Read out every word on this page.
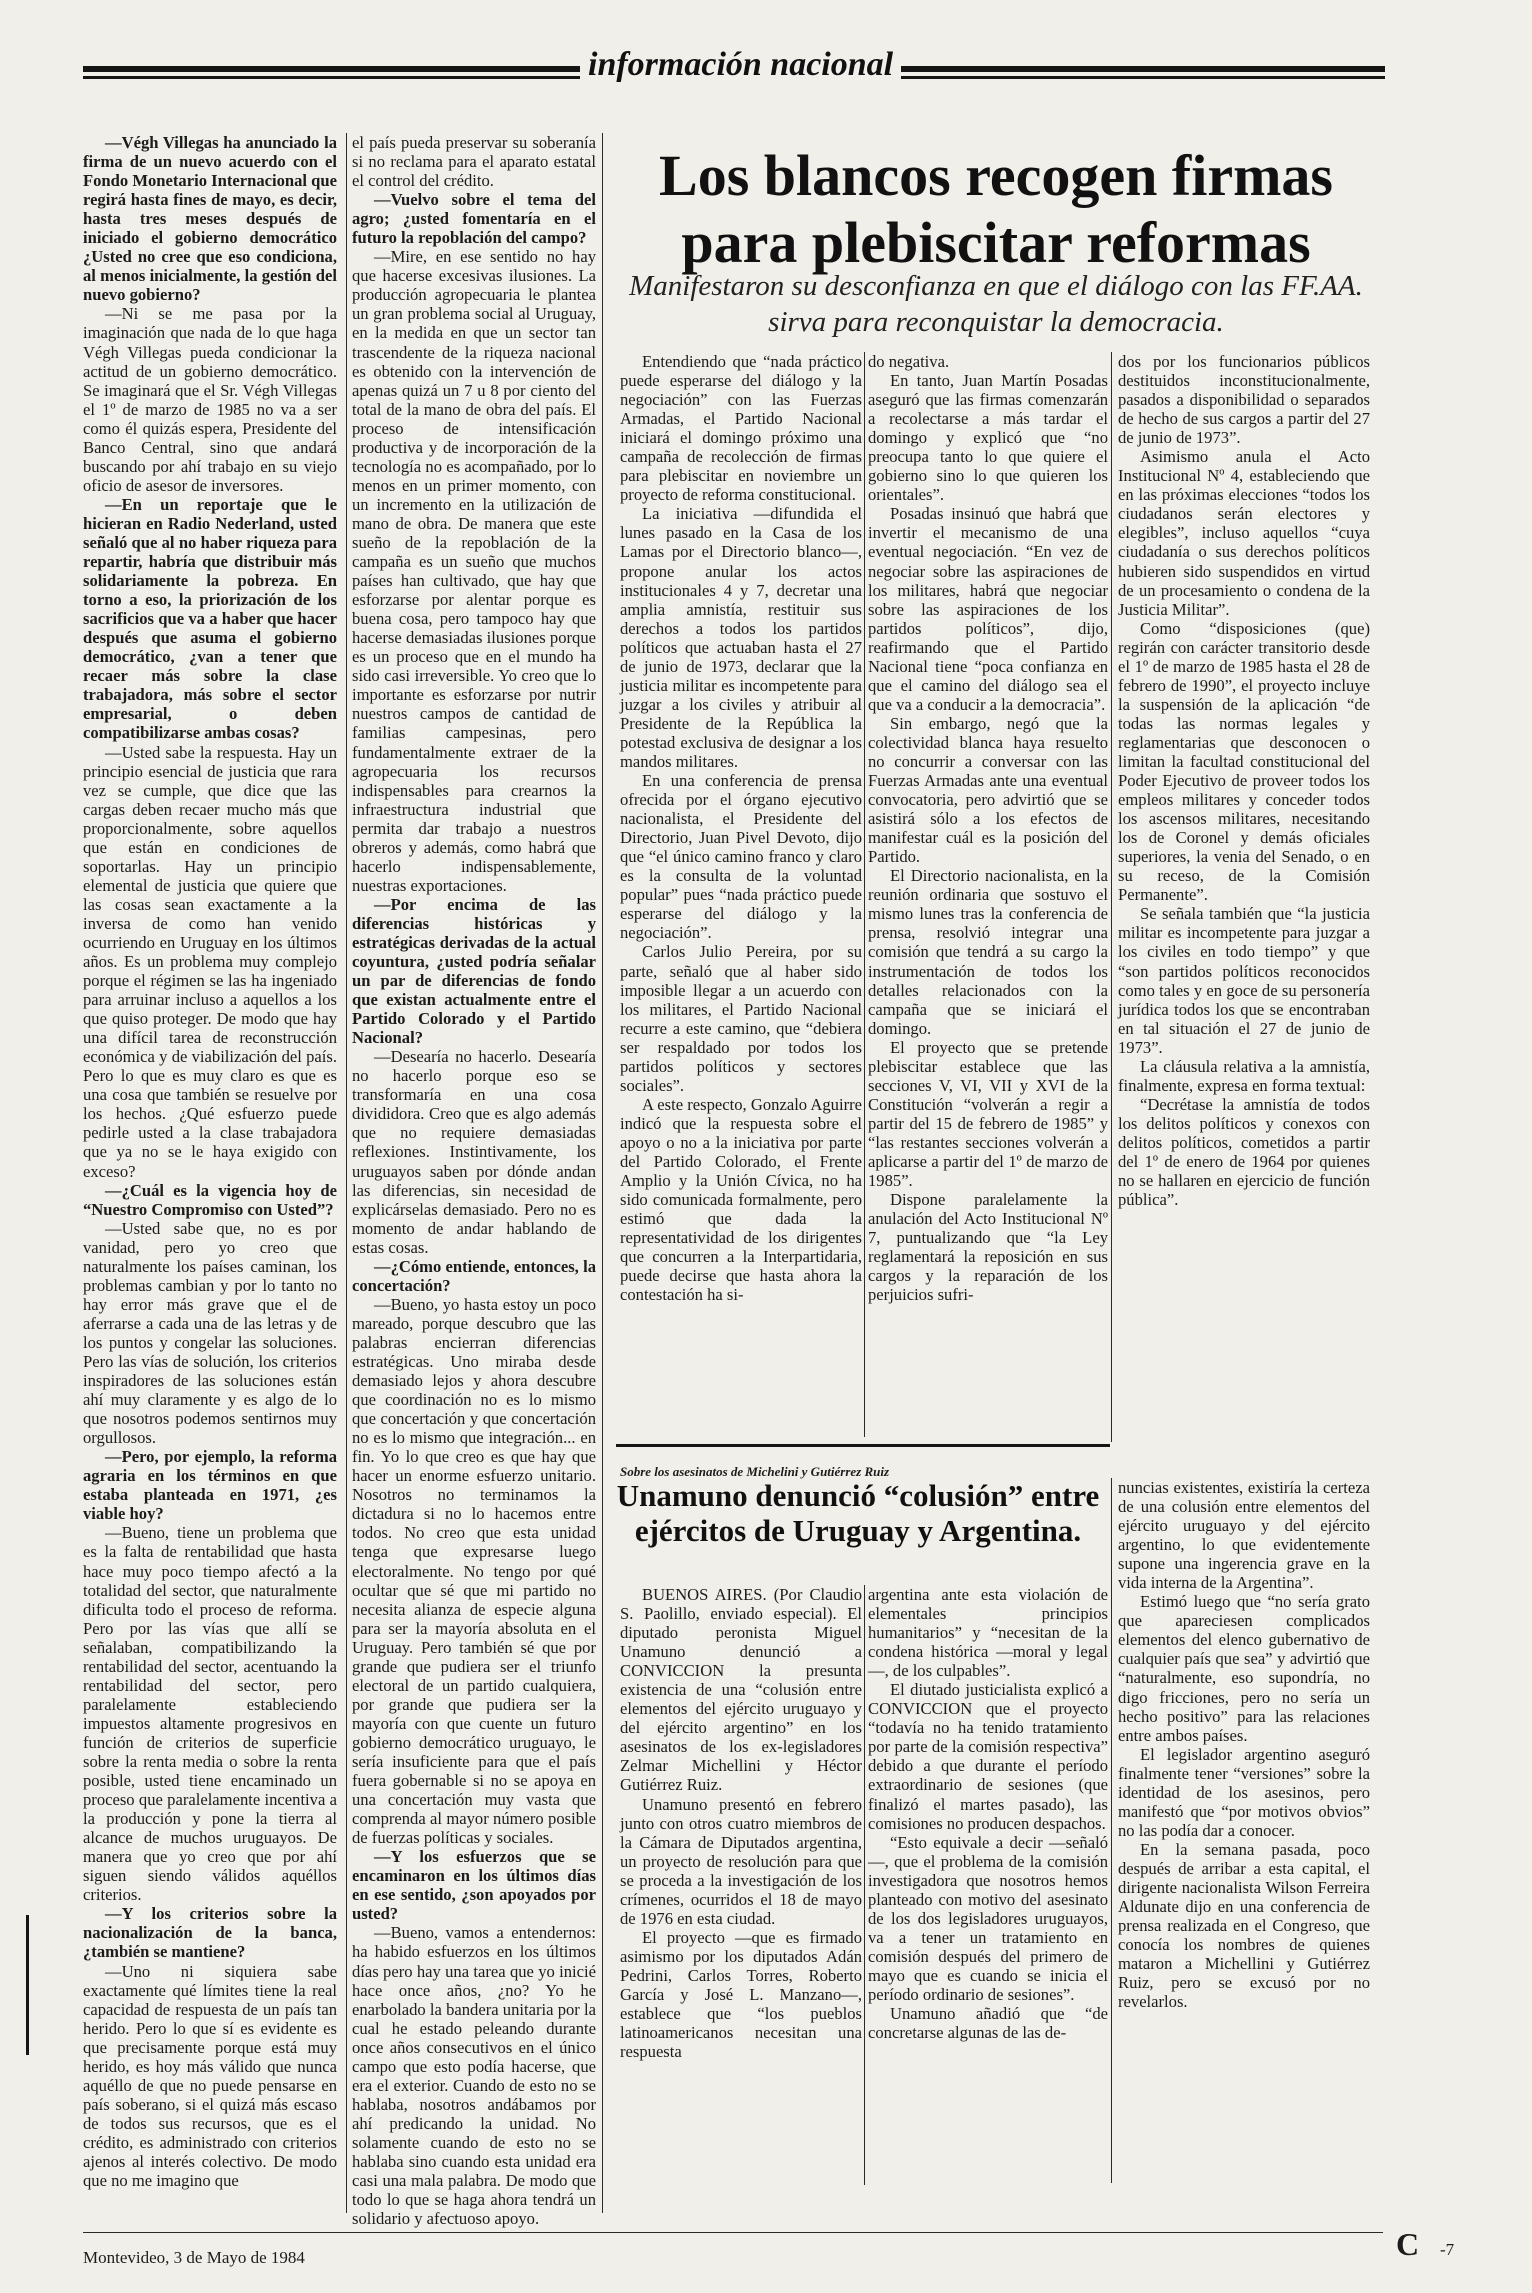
información nacional

—Végh Villegas ha anunciado la firma de un nuevo acuerdo con el Fondo Monetario Internacional que regirá hasta fines de mayo, es decir, hasta tres meses después de iniciado el gobierno democrático ¿Usted no cree que eso condiciona, al menos inicialmente, la gestión del nuevo gobierno?

—Ni se me pasa por la imaginación que nada de lo que haga Végh Villegas pueda condicionar la actitud de un gobierno democrático. Se imaginará que el Sr. Végh Villegas el 1º de marzo de 1985 no va a ser como él quizás espera, Presidente del Banco Central, sino que andará buscando por ahí trabajo en su viejo oficio de asesor de inversores.

—En un reportaje que le hicieran en Radio Nederland, usted señaló que al no haber riqueza para repartir, habría que distribuir más solidariamente la pobreza. En torno a eso, la priorización de los sacrificios que va a haber que hacer después que asuma el gobierno democrático, ¿van a tener que recaer más sobre la clase trabajadora, más sobre el sector empresarial, o deben compatibilizarse ambas cosas?

—Usted sabe la respuesta. Hay un principio esencial de justicia que rara vez se cumple, que dice que las cargas deben recaer mucho más que proporcionalmente, sobre aquellos que están en condiciones de soportarlas. Hay un principio elemental de justicia que quiere que las cosas sean exactamente a la inversa de como han venido ocurriendo en Uruguay en los últimos años. Es un problema muy complejo porque el régimen se las ha ingeniado para arruinar incluso a aquellos a los que quiso proteger. De modo que hay una difícil tarea de reconstrucción económica y de viabilización del país. Pero lo que es muy claro es que es una cosa que también se resuelve por los hechos. ¿Qué esfuerzo puede pedirle usted a la clase trabajadora que ya no se le haya exigido con exceso?

—¿Cuál es la vigencia hoy de “Nuestro Compromiso con Usted”?

—Usted sabe que, no es por vanidad, pero yo creo que naturalmente los países caminan, los problemas cambian y por lo tanto no hay error más grave que el de aferrarse a cada una de las letras y de los puntos y congelar las soluciones. Pero las vías de solución, los criterios inspiradores de las soluciones están ahí muy claramente y es algo de lo que nosotros podemos sentirnos muy orgullosos.

—Pero, por ejemplo, la reforma agraria en los términos en que estaba planteada en 1971, ¿es viable hoy?

—Bueno, tiene un problema que es la falta de rentabilidad que hasta hace muy poco tiempo afectó a la totalidad del sector, que naturalmente dificulta todo el proceso de reforma. Pero por las vías que allí se señalaban, compatibilizando la rentabilidad del sector, acentuando la rentabilidad del sector, pero paralelamente estableciendo impuestos altamente progresivos en función de criterios de superficie sobre la renta media o sobre la renta posible, usted tiene encaminado un proceso que paralelamente incentiva a la producción y pone la tierra al alcance de muchos uruguayos. De manera que yo creo que por ahí siguen siendo válidos aquéllos criterios.

—Y los criterios sobre la nacionalización de la banca, ¿también se mantiene?

—Uno ni siquiera sabe exactamente qué límites tiene la real capacidad de respuesta de un país tan herido. Pero lo que sí es evidente es que precisamente porque está muy herido, es hoy más válido que nunca aquéllo de que no puede pensarse en país soberano, si el quizá más escaso de todos sus recursos, que es el crédito, es administrado con criterios ajenos al interés colectivo. De modo que no me imagino que

el país pueda preservar su soberanía si no reclama para el aparato estatal el control del crédito.

—Vuelvo sobre el tema del agro; ¿usted fomentaría en el futuro la repoblación del campo?

—Mire, en ese sentido no hay que hacerse excesivas ilusiones. La producción agropecuaria le plantea un gran problema social al Uruguay, en la medida en que un sector tan trascendente de la riqueza nacional es obtenido con la intervención de apenas quizá un 7 u 8 por ciento del total de la mano de obra del país. El proceso de intensificación productiva y de incorporación de la tecnología no es acompañado, por lo menos en un primer momento, con un incremento en la utilización de mano de obra. De manera que este sueño de la repoblación de la campaña es un sueño que muchos países han cultivado, que hay que esforzarse por alentar porque es buena cosa, pero tampoco hay que hacerse demasiadas ilusiones porque es un proceso que en el mundo ha sido casi irreversible. Yo creo que lo importante es esforzarse por nutrir nuestros campos de cantidad de familias campesinas, pero fundamentalmente extraer de la agropecuaria los recursos indispensables para crearnos la infraestructura industrial que permita dar trabajo a nuestros obreros y además, como habrá que hacerlo indispensablemente, nuestras exportaciones.

—Por encima de las diferencias históricas y estratégicas derivadas de la actual coyuntura, ¿usted podría señalar un par de diferencias de fondo que existan actualmente entre el Partido Colorado y el Partido Nacional?

—Desearía no hacerlo. Desearía no hacerlo porque eso se transformaría en una cosa divididora. Creo que es algo además que no requiere demasiadas reflexiones. Instintivamente, los uruguayos saben por dónde andan las diferencias, sin necesidad de explicárselas demasiado. Pero no es momento de andar hablando de estas cosas.

—¿Cómo entiende, entonces, la concertación?

—Bueno, yo hasta estoy un poco mareado, porque descubro que las palabras encierran diferencias estratégicas. Uno miraba desde demasiado lejos y ahora descubre que coordinación no es lo mismo que concertación y que concertación no es lo mismo que integración... en fin. Yo lo que creo es que hay que hacer un enorme esfuerzo unitario. Nosotros no terminamos la dictadura si no lo hacemos entre todos. No creo que esta unidad tenga que expresarse luego electoralmente. No tengo por qué ocultar que sé que mi partido no necesita alianza de especie alguna para ser la mayoría absoluta en el Uruguay. Pero también sé que por grande que pudiera ser el triunfo electoral de un partido cualquiera, por grande que pudiera ser la mayoría con que cuente un futuro gobierno democrático uruguayo, le sería insuficiente para que el país fuera gobernable si no se apoya en una concertación muy vasta que comprenda al mayor número posible de fuerzas políticas y sociales.

—Y los esfuerzos que se encaminaron en los últimos días en ese sentido, ¿son apoyados por usted?

—Bueno, vamos a entendernos: ha habido esfuerzos en los últimos días pero hay una tarea que yo inicié hace once años, ¿no? Yo he enarbolado la bandera unitaria por la cual he estado peleando durante once años consecutivos en el único campo que esto podía hacerse, que era el exterior. Cuando de esto no se hablaba, nosotros andábamos por ahí predicando la unidad. No solamente cuando de esto no se hablaba sino cuando esta unidad era casi una mala palabra. De modo que todo lo que se haga ahora tendrá un solidario y afectuoso apoyo.

Los blancos recogen firmas para plebiscitar reformas
Manifestaron su desconfianza en que el diálogo con las FF.AA. sirva para reconquistar la democracia.

Entendiendo que “nada práctico puede esperarse del diálogo y la negociación” con las Fuerzas Armadas, el Partido Nacional iniciará el domingo próximo una campaña de recolección de firmas para plebiscitar en noviembre un proyecto de reforma constitucional.

La iniciativa —difundida el lunes pasado en la Casa de los Lamas por el Directorio blanco—, propone anular los actos institucionales 4 y 7, decretar una amplia amnistía, restituir sus derechos a todos los partidos políticos que actuaban hasta el 27 de junio de 1973, declarar que la justicia militar es incompetente para juzgar a los civiles y atribuir al Presidente de la República la potestad exclusiva de designar a los mandos militares.

En una conferencia de prensa ofrecida por el órgano ejecutivo nacionalista, el Presidente del Directorio, Juan Pivel Devoto, dijo que “el único camino franco y claro es la consulta de la voluntad popular” pues “nada práctico puede esperarse del diálogo y la negociación”.

Carlos Julio Pereira, por su parte, señaló que al haber sido imposible llegar a un acuerdo con los militares, el Partido Nacional recurre a este camino, que “debiera ser respaldado por todos los partidos políticos y sectores sociales”.

A este respecto, Gonzalo Aguirre indicó que la respuesta sobre el apoyo o no a la iniciativa por parte del Partido Colorado, el Frente Amplio y la Unión Cívica, no ha sido comunicada formalmente, pero estimó que dada la representatividad de los dirigentes que concurren a la Interpartidaria, puede decirse que hasta ahora la contestación ha si-

do negativa.

En tanto, Juan Martín Posadas aseguró que las firmas comenzarán a recolectarse a más tardar el domingo y explicó que “no preocupa tanto lo que quiere el gobierno sino lo que quieren los orientales”.

Posadas insinuó que habrá que invertir el mecanismo de una eventual negociación. “En vez de negociar sobre las aspiraciones de los militares, habrá que negociar sobre las aspiraciones de los partidos políticos”, dijo, reafirmando que el Partido Nacional tiene “poca confianza en que el camino del diálogo sea el que va a conducir a la democracia”.

Sin embargo, negó que la colectividad blanca haya resuelto no concurrir a conversar con las Fuerzas Armadas ante una eventual convocatoria, pero advirtió que se asistirá sólo a los efectos de manifestar cuál es la posición del Partido.

El Directorio nacionalista, en la reunión ordinaria que sostuvo el mismo lunes tras la conferencia de prensa, resolvió integrar una comisión que tendrá a su cargo la instrumentación de todos los detalles relacionados con la campaña que se iniciará el domingo.

El proyecto que se pretende plebiscitar establece que las secciones V, VI, VII y XVI de la Constitución “volverán a regir a partir del 15 de febrero de 1985” y “las restantes secciones volverán a aplicarse a partir del 1º de marzo de 1985”.

Dispone paralelamente la anulación del Acto Institucional Nº 7, puntualizando que “la Ley reglamentará la reposición en sus cargos y la reparación de los perjuicios sufri-

dos por los funcionarios públicos destituidos inconstitucionalmente, pasados a disponibilidad o separados de hecho de sus cargos a partir del 27 de junio de 1973”.

Asimismo anula el Acto Institucional Nº 4, estableciendo que en las próximas elecciones “todos los ciudadanos serán electores y elegibles”, incluso aquellos “cuya ciudadanía o sus derechos políticos hubieren sido suspendidos en virtud de un procesamiento o condena de la Justicia Militar”.

Como “disposiciones (que) regirán con carácter transitorio desde el 1º de marzo de 1985 hasta el 28 de febrero de 1990”, el proyecto incluye la suspensión de la aplicación “de todas las normas legales y reglamentarias que desconocen o limitan la facultad constitucional del Poder Ejecutivo de proveer todos los empleos militares y conceder todos los ascensos militares, necesitando los de Coronel y demás oficiales superiores, la venia del Senado, o en su receso, de la Comisión Permanente”.

Se señala también que “la justicia militar es incompetente para juzgar a los civiles en todo tiempo” y que “son partidos políticos reconocidos como tales y en goce de su personería jurídica todos los que se encontraban en tal situación el 27 de junio de 1973”.

La cláusula relativa a la amnistía, finalmente, expresa en forma textual:

“Decrétase la amnistía de todos los delitos políticos y conexos con delitos políticos, cometidos a partir del 1º de enero de 1964 por quienes no se hallaren en ejercicio de función pública”.

Sobre los asesinatos de Michelini y Gutiérrez Ruiz
Unamuno denunció “colusión” entre ejércitos de Uruguay y Argentina.

BUENOS AIRES. (Por Claudio S. Paolillo, enviado especial). El diputado peronista Miguel Unamuno denunció a CONVICCION la presunta existencia de una “colusión entre elementos del ejército uruguayo y del ejército argentino” en los asesinatos de los ex-legisladores Zelmar Michellini y Héctor Gutiérrez Ruiz.

Unamuno presentó en febrero junto con otros cuatro miembros de la Cámara de Diputados argentina, un proyecto de resolución para que se proceda a la investigación de los crímenes, ocurridos el 18 de mayo de 1976 en esta ciudad.

El proyecto —que es firmado asimismo por los diputados Adán Pedrini, Carlos Torres, Roberto García y José L. Manzano—, establece que “los pueblos latinoamericanos necesitan una respuesta

argentina ante esta violación de elementales principios humanitarios” y “necesitan de la condena histórica —moral y legal—, de los culpables”.

El diutado justicialista explicó a CONVICCION que el proyecto “todavía no ha tenido tratamiento por parte de la comisión respectiva” debido a que durante el período extraordinario de sesiones (que finalizó el martes pasado), las comisiones no producen despachos.

“Esto equivale a decir —señaló—, que el problema de la comisión investigadora que nosotros hemos planteado con motivo del asesinato de los dos legisladores uruguayos, va a tener un tratamiento en comisión después del primero de mayo que es cuando se inicia el período ordinario de sesiones”.

Unamuno añadió que “de concretarse algunas de las de-

nuncias existentes, existiría la certeza de una colusión entre elementos del ejército uruguayo y del ejército argentino, lo que evidentemente supone una ingerencia grave en la vida interna de la Argentina”.

Estimó luego que “no sería grato que apareciesen complicados elementos del elenco gubernativo de cualquier país que sea” y advirtió que “naturalmente, eso supondría, no digo fricciones, pero no sería un hecho positivo” para las relaciones entre ambos países.

El legislador argentino aseguró finalmente tener “versiones” sobre la identidad de los asesinos, pero manifestó que “por motivos obvios” no las podía dar a conocer.

En la semana pasada, poco después de arribar a esta capital, el dirigente nacionalista Wilson Ferreira Aldunate dijo en una conferencia de prensa realizada en el Congreso, que conocía los nombres de quienes mataron a Michellini y Gutiérrez Ruiz, pero se excusó por no revelarlos.

Montevideo, 3 de Mayo de 1984	C	-7
